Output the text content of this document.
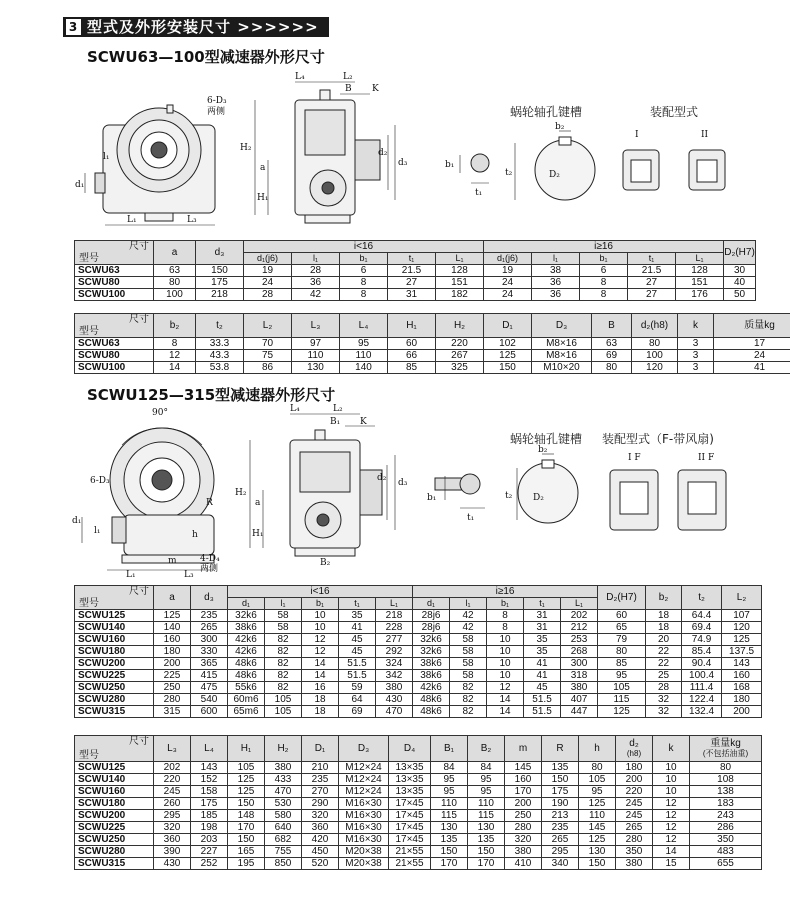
3 型式及外形安装尺寸 >>>>>>
SCWU63—100型减速器外形尺寸
6-D₃
两侧
l₁
d₁
L₁	L₃
L₄	L₂
B K
H₂
a
H₁
d₂
d₃
蜗轮轴孔键槽	装配型式
b₁
t₁
b₂
t₂	D₂
I	II
尺寸
型号	a	d₃	i<16					i≥16					D₂(H7)
			d₁(j6)	l₁	b₁	t₁	L₁	d₁(j6)	l₁	b₁	t₁	L₁	
SCWU63	63	150	19	28	6	21.5	128	19	38	6	21.5	128	30
SCWU80	80	175	24	36	8	27	151	24	36	8	27	151	40
SCWU100	100	218	28	42	8	31	182	24	36	8	27	176	50
尺寸
型号	b₂	t₂	L₂	L₃	L₄	H₁	H₂	D₁	D₃	B	d₂(h8)	k	质量kg
SCWU63	8	33.3	70	97	95	60	220	102	M8×16	63	80	3	17
SCWU80	12	43.3	75	110	110	66	267	125	M8×16	69	100	3	24
SCWU100	14	53.8	86	130	140	85	325	150	M10×20	80	120	3	41
SCWU125—315型减速器外形尺寸
90°
6-D₃
d₁
l₁	h
m
R
L₁	L₃
4-D₄
两侧
L₄	L₂
B₁ K
H₂
a
H₁
d₂ d₃
B₂
蜗轮轴孔键槽 装配型式（F-带风扇)
b₁
t₁
b₂
t₂ D₂
I F	II F
尺寸
型号	a	d₃	i<16					i≥16					D₂(H7)	b₂	t₂	L₂
			d₁	l₁	b₁	t₁	L₁	d₁	l₁	b₁	t₁	L₁				
SCWU125	125	235	32k6	58	10	35	218	28j6	42	8	31	202	60	18	64.4	107
SCWU140	140	265	38k6	58	10	41	228	28j6	42	8	31	212	65	18	69.4	120
SCWU160	160	300	42k6	82	12	45	277	32k6	58	10	35	253	79	20	74.9	125
SCWU180	180	330	42k6	82	12	45	292	32k6	58	10	35	268	80	22	85.4	137.5
SCWU200	200	365	48k6	82	14	51.5	324	38k6	58	10	41	300	85	22	90.4	143
SCWU225	225	415	48k6	82	14	51.5	342	38k6	58	10	41	318	95	25	100.4	160
SCWU250	250	475	55k6	82	16	59	380	42k6	82	12	45	380	105	28	111.4	168
SCWU280	280	540	60m6	105	18	64	430	48k6	82	14	51.5	407	115	32	122.4	180
SCWU315	315	600	65m6	105	18	69	470	48k6	82	14	51.5	447	125	32	132.4	200
尺寸
型号	L₃	L₄	H₁	H₂	D₁	D₃	D₄	B₁	B₂	m	R	h	d₂
(h8)	k	重量kg
(不包括油重)
SCWU125	202	143	105	380	210	M12×24	13×35	84	84	145	135	80	180	10	80
SCWU140	220	152	125	433	235	M12×24	13×35	95	95	160	150	105	200	10	108
SCWU160	245	158	125	470	270	M12×24	13×35	95	95	170	175	95	220	10	138
SCWU180	260	175	150	530	290	M16×30	17×45	110	110	200	190	125	245	12	183
SCWU200	295	185	148	580	320	M16×30	17×45	115	115	250	213	110	245	12	243
SCWU225	320	198	170	640	360	M16×30	17×45	130	130	280	235	145	265	12	286
SCWU250	360	203	150	682	420	M16×30	17×45	135	135	320	265	125	280	12	350
SCWU280	390	227	165	755	450	M20×38	21×55	150	150	380	295	130	350	14	483
SCWU315	430	252	195	850	520	M20×38	21×55	170	170	410	340	150	380	15	655
